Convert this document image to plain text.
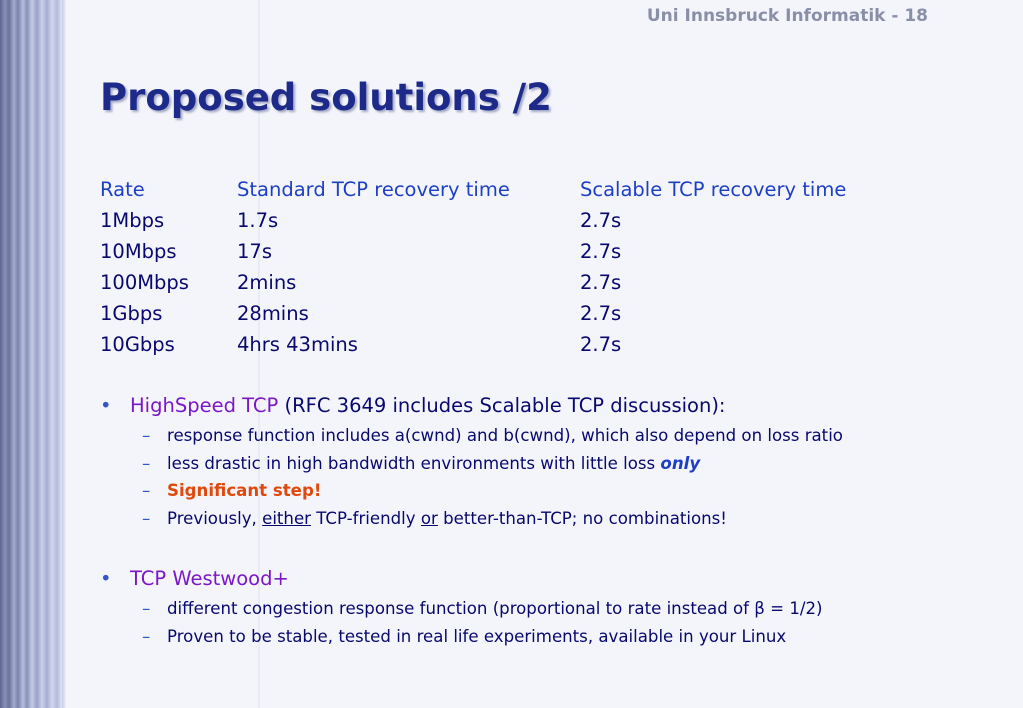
Uni Innsbruck Informatik - 18
Proposed solutions /2
Rate	Standard TCP recovery time	Scalable TCP recovery time
1Mbps	1.7s	2.7s
10Mbps	17s	2.7s
100Mbps 2mins	2.7s
1Gbps	28mins	2.7s
10Gbps	4hrs 43mins	2.7s
• HighSpeed TCP (RFC 3649 includes Scalable TCP discussion):
– response function includes a(cwnd) and b(cwnd), which also depend on loss ratio
– less drastic in high bandwidth environments with little loss only
– Significant step!
– Previously, either TCP-friendly or better-than-TCP; no combinations!
• TCP Westwood+
– different congestion response function (proportional to rate instead of β = 1/2)
– Proven to be stable, tested in real life experiments, available in your Linux
